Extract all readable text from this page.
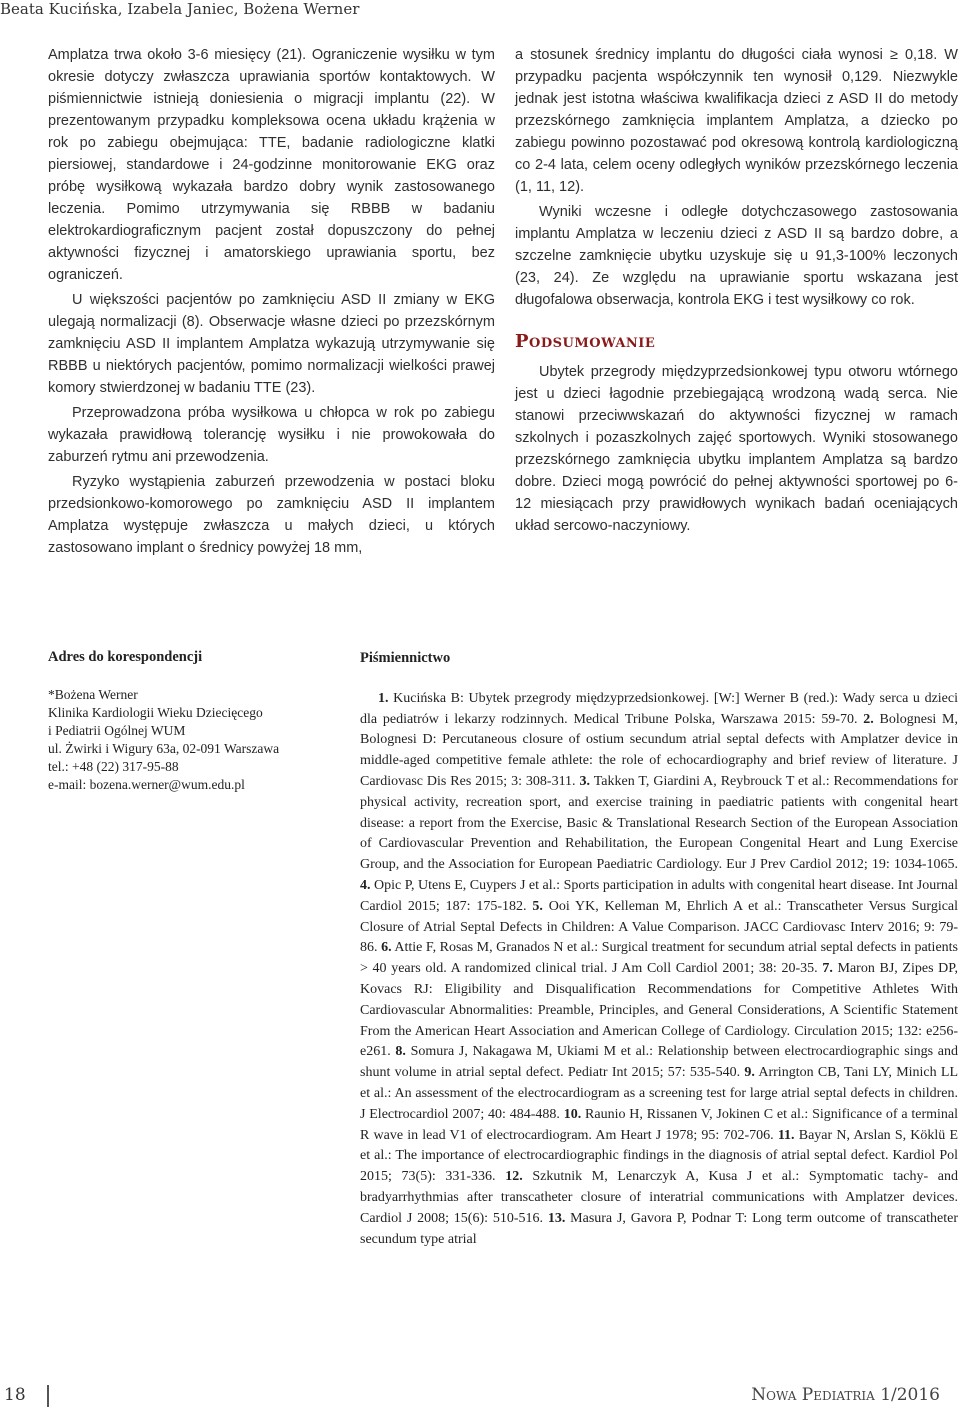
Beata Kucińska, Izabela Janiec, Bożena Werner

Amplatza trwa około 3-6 miesięcy (21). Ograniczenie wysiłku w tym okresie dotyczy zwłaszcza uprawiania sportów kontaktowych. W piśmiennictwie istnieją doniesienia o migracji implantu (22). W prezentowanym przypadku kompleksowa ocena układu krążenia w rok po zabiegu obejmująca: TTE, badanie radiologiczne klatki piersiowej, standardowe i 24-godzinne monitorowanie EKG oraz próbę wysiłkową wykazała bardzo dobry wynik zastosowanego leczenia. Pomimo utrzymywania się RBBB w badaniu elektrokardiograficznym pacjent został dopuszczony do pełnej aktywności fizycznej i amatorskiego uprawiania sportu, bez ograniczeń.

U większości pacjentów po zamknięciu ASD II zmiany w EKG ulegają normalizacji (8). Obserwacje własne dzieci po przezskórnym zamknięciu ASD II implantem Amplatza wykazują utrzymywanie się RBBB u niektórych pacjentów, pomimo normalizacji wielkości prawej komory stwierdzonej w badaniu TTE (23).

Przeprowadzona próba wysiłkowa u chłopca w rok po zabiegu wykazała prawidłową tolerancję wysiłku i nie prowokowała do zaburzeń rytmu ani przewodzenia.

Ryzyko wystąpienia zaburzeń przewodzenia w postaci bloku przedsionkowo-komorowego po zamknięciu ASD II implantem Amplatza występuje zwłaszcza u małych dzieci, u których zastosowano implant o średnicy powyżej 18 mm,

a stosunek średnicy implantu do długości ciała wynosi ≥ 0,18. W przypadku pacjenta współczynnik ten wynosił 0,129. Niezwykle jednak jest istotna właściwa kwalifikacja dzieci z ASD II do metody przezskórnego zamknięcia implantem Amplatza, a dziecko po zabiegu powinno pozostawać pod okresową kontrolą kardiologiczną co 2-4 lata, celem oceny odległych wyników przezskórnego leczenia (1, 11, 12).

Wyniki wczesne i odległe dotychczasowego zastosowania implantu Amplatza w leczeniu dzieci z ASD II są bardzo dobre, a szczelne zamknięcie ubytku uzyskuje się u 91,3-100% leczonych (23, 24). Ze względu na uprawianie sportu wskazana jest długofalowa obserwacja, kontrola EKG i test wysiłkowy co rok.

Podsumowanie

Ubytek przegrody międzyprzedsionkowej typu otworu wtórnego jest u dzieci łagodnie przebiegającą wrodzoną wadą serca. Nie stanowi przeciwwskazań do aktywności fizycznej w ramach szkolnych i pozaszkolnych zajęć sportowych. Wyniki stosowanego przezskórnego zamknięcia ubytku implantem Amplatza są bardzo dobre. Dzieci mogą powrócić do pełnej aktywności sportowej po 6-12 miesiącach przy prawidłowych wynikach badań oceniających układ sercowo-naczyniowy.

Adres do korespondencji
*Bożena Werner
Klinika Kardiologii Wieku Dziecięcego
i Pediatrii Ogólnej WUM
ul. Żwirki i Wigury 63a, 02-091 Warszawa
tel.: +48 (22) 317-95-88
e-mail: bozena.werner@wum.edu.pl
Piśmiennictwo
1. Kucińska B: Ubytek przegrody międzyprzedsionkowej. [W:] Werner B (red.): Wady serca u dzieci dla pediatrów i lekarzy rodzinnych. Medical Tribune Polska, Warszawa 2015: 59-70. 2. Bolognesi M, Bolognesi D: Percutaneous closure of ostium secundum atrial septal defects with Amplatzer device in middle-aged competitive female athlete: the role of echocardiography and brief review of literature. J Cardiovasc Dis Res 2015; 3: 308-311. 3. Takken T, Giardini A, Reybrouck T et al.: Recommendations for physical activity, recreation sport, and exercise training in paediatric patients with congenital heart disease: a report from the Exercise, Basic & Translational Research Section of the European Association of Cardiovascular Prevention and Rehabilitation, the European Congenital Heart and Lung Exercise Group, and the Association for European Paediatric Cardiology. Eur J Prev Cardiol 2012; 19: 1034-1065. 4. Opic P, Utens E, Cuypers J et al.: Sports participation in adults with congenital heart disease. Int Journal Cardiol 2015; 187: 175-182. 5. Ooi YK, Kelleman M, Ehrlich A et al.: Transcatheter Versus Surgical Closure of Atrial Septal Defects in Children: A Value Comparison. JACC Cardiovasc Interv 2016; 9: 79-86. 6. Attie F, Rosas M, Granados N et al.: Surgical treatment for secundum atrial septal defects in patients > 40 years old. A randomized clinical trial. J Am Coll Cardiol 2001; 38: 20-35. 7. Maron BJ, Zipes DP, Kovacs RJ: Eligibility and Disqualification Recommendations for Competitive Athletes With Cardiovascular Abnormalities: Preamble, Principles, and General Considerations, A Scientific Statement From the American Heart Association and American College of Cardiology. Circulation 2015; 132: e256-e261. 8. Somura J, Nakagawa M, Ukiami M et al.: Relationship between electrocardiographic sings and shunt volume in atrial septal defect. Pediatr Int 2015; 57: 535-540. 9. Arrington CB, Tani LY, Minich LL et al.: An assessment of the electrocardiogram as a screening test for large atrial septal defects in children. J Electrocardiol 2007; 40: 484-488. 10. Raunio H, Rissanen V, Jokinen C et al.: Significance of a terminal R wave in lead V1 of electrocardiogram. Am Heart J 1978; 95: 702-706. 11. Bayar N, Arslan S, Köklü E et al.: The importance of electrocardiographic findings in the diagnosis of atrial septal defect. Kardiol Pol 2015; 73(5): 331-336. 12. Szkutnik M, Lenarczyk A, Kusa J et al.: Symptomatic tachy- and bradyarrhythmias after transcatheter closure of interatrial communications with Amplatzer devices. Cardiol J 2008; 15(6): 510-516. 13. Masura J, Gavora P, Podnar T: Long term outcome of transcatheter secundum type atrial
18	Nowa Pediatria 1/2016
